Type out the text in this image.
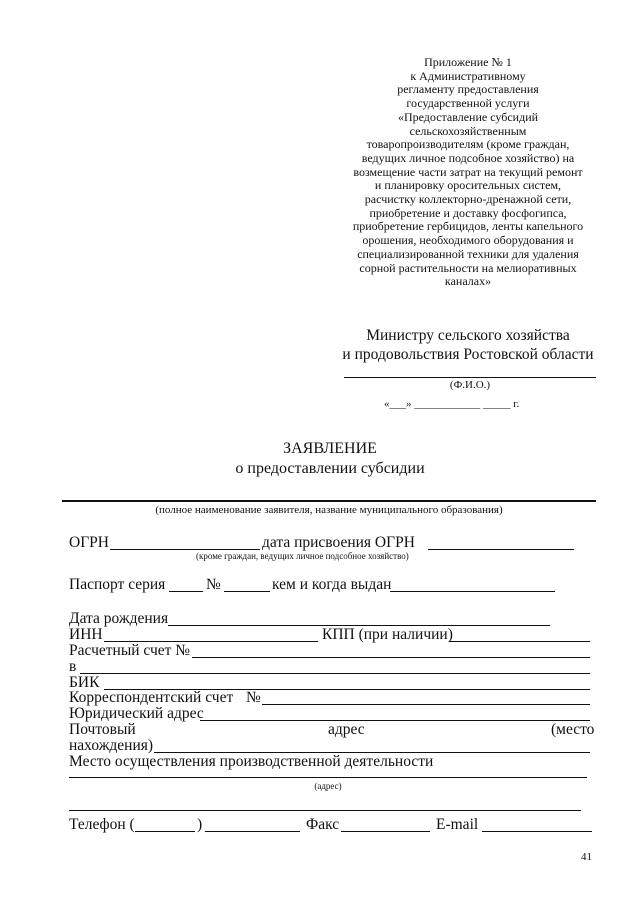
Приложение № 1
к Административному
регламенту предоставления
государственной услуги
«Предоставление субсидий
сельскохозяйственным
товаропроизводителям (кроме граждан,
ведущих личное подсобное хозяйство) на
возмещение части затрат на текущий ремонт
и планировку оросительных систем,
расчистку коллекторно-дренажной сети,
приобретение и доставку фосфогипса,
приобретение гербицидов, ленты капельного
орошения, необходимого оборудования и
специализированной техники для удаления
сорной растительности на мелиоративных
каналах»
Министру сельского хозяйства
и продовольствия Ростовской области
(Ф.И.О.)
«___» ____________ _____ г.
ЗАЯВЛЕНИЕ
о предоставлении субсидии
(полное наименование заявителя, название муниципального образования)
ОГРН	дата присвоения ОГРН
(кроме граждан, ведущих личное подсобное хозяйство)
Паспорт серия	№	кем и когда выдан
Дата рождения
ИНН	КПП (при наличии)
Расчетный счет №
в
БИК
Корреспондентский счет №
Юридический адрес
Почтовый	адрес	(место
нахождения)
Место осуществления производственной деятельности
(адрес)
Телефон (	)	Факс	E-mail
41
